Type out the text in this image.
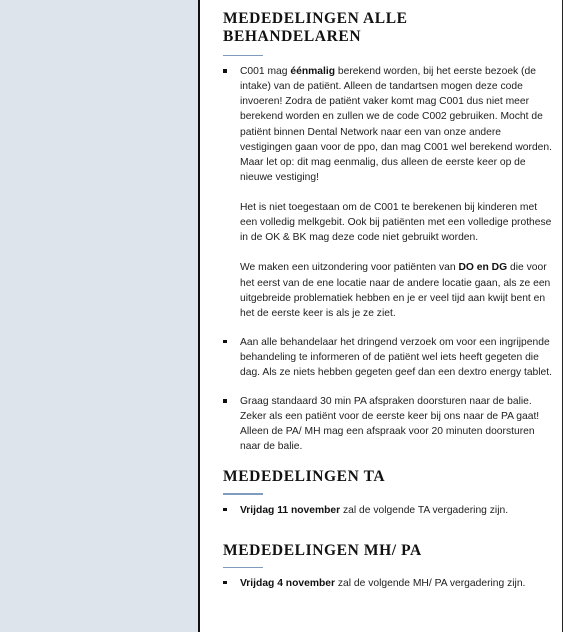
MEDEDELINGEN ALLE
BEHANDELAREN

C001 mag éénmalig berekend worden, bij het eerste bezoek (de intake) van de patiënt. Alleen de tandartsen mogen deze code invoeren! Zodra de patiënt vaker komt mag C001 dus niet meer berekend worden en zullen we de code C002 gebruiken. Mocht de patiënt binnen Dental Network naar een van onze andere vestigingen gaan voor de ppo, dan mag C001 wel berekend worden. Maar let op: dit mag eenmalig, dus alleen de eerste keer op de nieuwe vestiging!

Het is niet toegestaan om de C001 te berekenen bij kinderen met een volledig melkgebit. Ook bij patiënten met een volledige prothese in de OK & BK mag deze code niet gebruikt worden.

We maken een uitzondering voor patiënten van DO en DG die voor het eerst van de ene locatie naar de andere locatie gaan, als ze een uitgebreide problematiek hebben en je er veel tijd aan kwijt bent en het de eerste keer is als je ze ziet.

Aan alle behandelaar het dringend verzoek om voor een ingrijpende behandeling te informeren of de patiënt wel iets heeft gegeten die dag. Als ze niets hebben gegeten geef dan een dextro energy tablet.

Graag standaard 30 min PA afspraken doorsturen naar de balie. Zeker als een patiënt voor de eerste keer bij ons naar de PA gaat! Alleen de PA/ MH mag een afspraak voor 20 minuten doorsturen naar de balie.

MEDEDELINGEN TA

Vrijdag 11 november zal de volgende TA vergadering zijn.

MEDEDELINGEN MH/ PA

Vrijdag 4 november zal de volgende MH/ PA vergadering zijn.
